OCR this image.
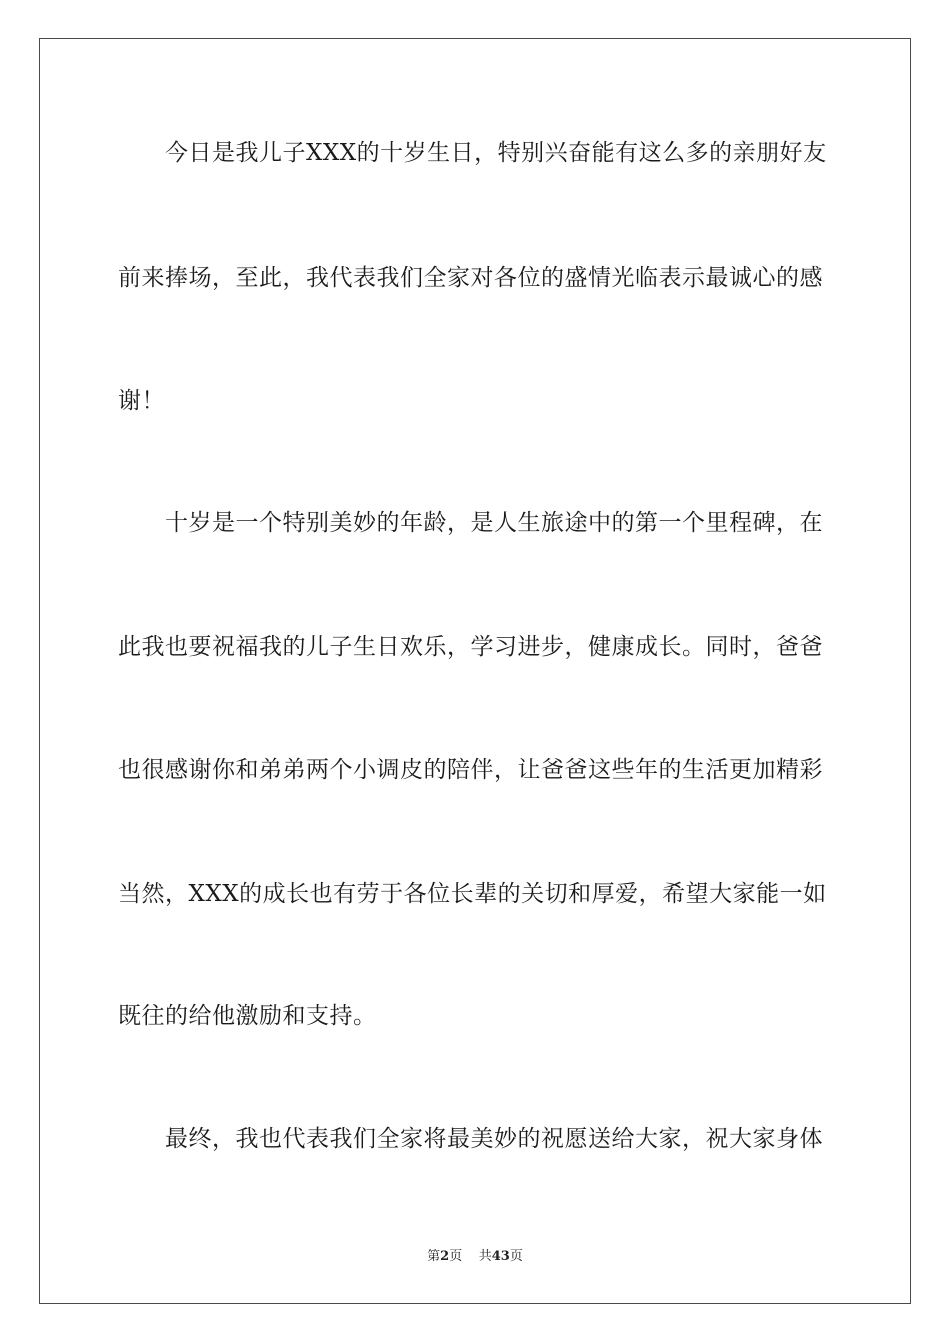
今日是我儿子XXX的十岁生日，特别兴奋能有这么多的亲朋好友
前来捧场，至此，我代表我们全家对各位的盛情光临表示最诚心的感
谢！
十岁是一个特别美妙的年龄，是人生旅途中的第一个里程碑，在
此我也要祝福我的儿子生日欢乐，学习进步，健康成长。同时，爸爸
也很感谢你和弟弟两个小调皮的陪伴，让爸爸这些年的生活更加精彩
当然，XXX的成长也有劳于各位长辈的关切和厚爱，希望大家能一如
既往的给他激励和支持。
最终，我也代表我们全家将最美妙的祝愿送给大家，祝大家身体
第2页 共43页
